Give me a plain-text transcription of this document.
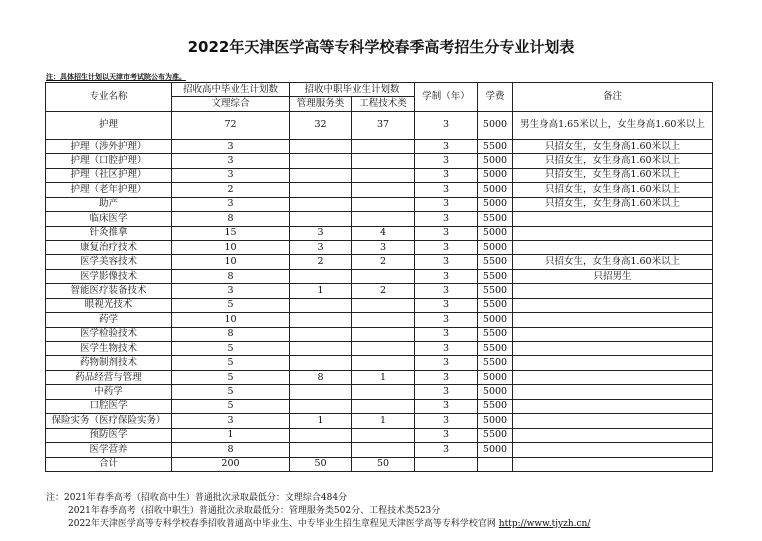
2022年天津医学高等专科学校春季高考招生分专业计划表
注：具体招生计划以天津市考试院公布为准。
专业名称	招收高中毕业生计划数	招收中职毕业生计划数		学制（年）	学费	备注
	文理综合	管理服务类	工程技术类			
护理	72	32	37	3	5000	男生身高1.65米以上，女生身高1.60米以上
护理（涉外护理）	3			3	5500	只招女生，女生身高1.60米以上
护理（口腔护理）	3			3	5000	只招女生，女生身高1.60米以上
护理（社区护理）	3			3	5000	只招女生，女生身高1.60米以上
护理（老年护理）	2			3	5000	只招女生，女生身高1.60米以上
助产	3			3	5000	只招女生，女生身高1.60米以上
临床医学	8			3	5500	
针灸推拿	15	3	4	3	5000	
康复治疗技术	10	3	3	3	5000	
医学美容技术	10	2	2	3	5500	只招女生，女生身高1.60米以上
医学影像技术	8			3	5500	只招男生
智能医疗装备技术	3	1	2	3	5500	
眼视光技术	5			3	5500	
药学	10			3	5000	
医学检验技术	8			3	5500	
医学生物技术	5			3	5500	
药物制剂技术	5			3	5500	
药品经营与管理	5	8	1	3	5000	
中药学	5			3	5000	
口腔医学	5			3	5500	
保险实务（医疗保险实务）	3	1	1	3	5000	
预防医学	1			3	5500	
医学营养	8			3	5000	
合计	200	50	50			
注：2021年春季高考（招收高中生）普通批次录取最低分：文理综合484分
2021年春季高考（招收中职生）普通批次录取最低分：管理服务类502分、工程技术类523分
2022年天津医学高等专科学校春季招收普通高中毕业生、中专毕业生招生章程见天津医学高等专科学校官网 http://www.tjyzh.cn/
